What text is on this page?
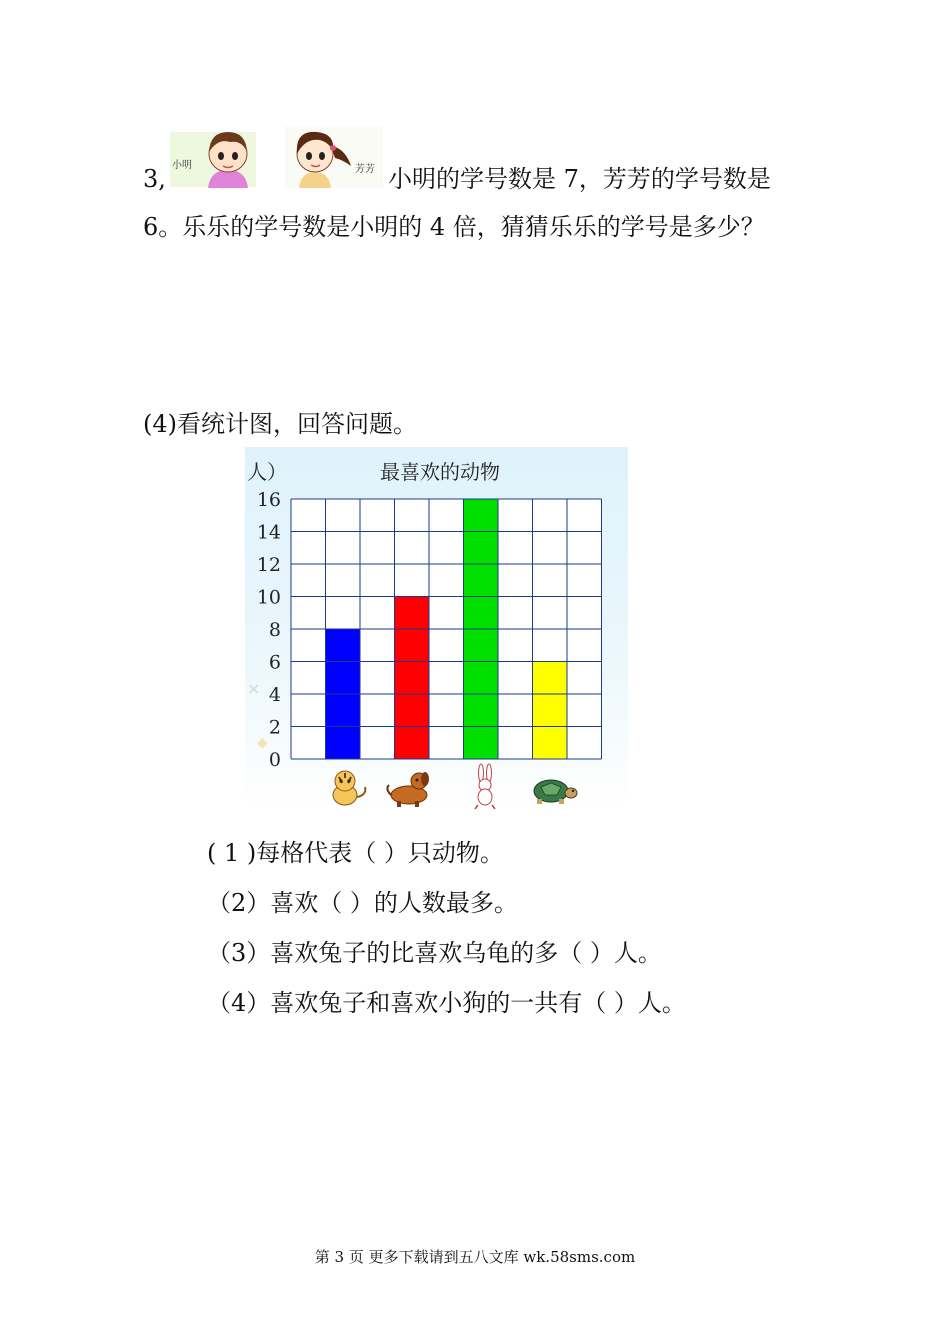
3, 小明	芳芳 小明的学号数是 7，芳芳的学号数是
6。乐乐的学号数是小明的 4 倍，猜猜乐乐的学号是多少？
(4)看统计图，回答问题。
最喜欢的动物
人）
0
2
4
6
8
10
12
14
16
✕
◆
( 1 )每格代表（ ）只动物。
（2）喜欢（ ）的人数最多。
（3）喜欢兔子的比喜欢乌龟的多（ ）人。
（4）喜欢兔子和喜欢小狗的一共有（ ）人。
第 3 页 更多下载请到五八文库 wk.58sms.com
